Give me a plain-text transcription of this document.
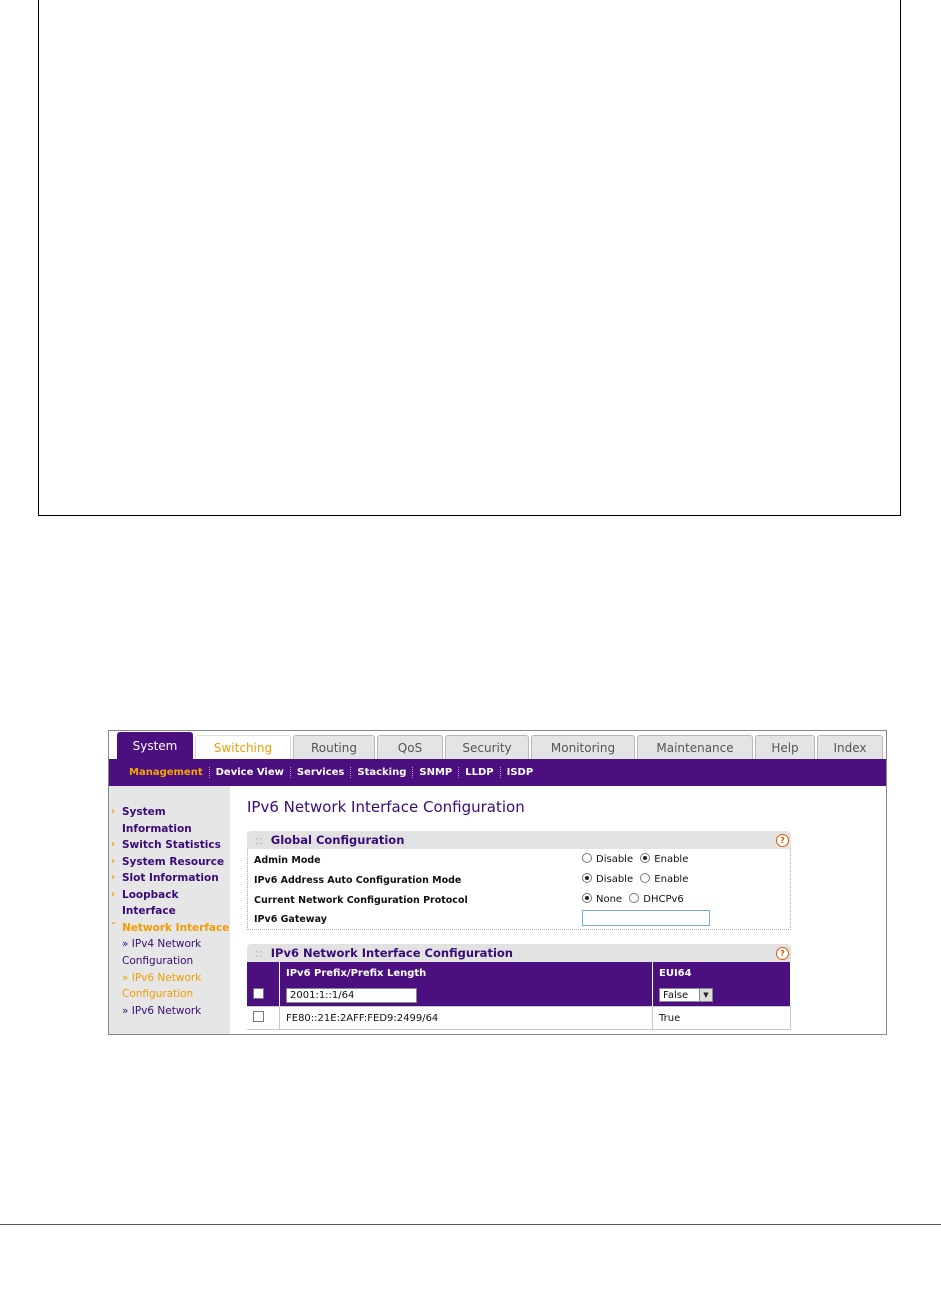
System	Switching	Routing	QoS	Security	Monitoring	Maintenance	Help	Index
Management	Device View	Services	Stacking	SNMP	LLDP	ISDP
› System Information
› Switch Statistics
› System Resource
› Slot Information
› Loopback Interface
ˇ Network Interface
» IPv4 Network Configuration
» IPv6 Network Configuration
» IPv6 Network
IPv6 Network Interface Configuration
:: Global Configuration	?
Admin Mode	Disable Enable
IPv6 Address Auto Configuration Mode	Disable Enable
Current Network Configuration Protocol	None DHCPv6
IPv6 Gateway
:: IPv6 Network Interface Configuration	?
	IPv6 Prefix/Prefix Length	EUI64
	2001:1::1/64	False ▼

	FE80::21E:2AFF:FED9:2499/64	True
